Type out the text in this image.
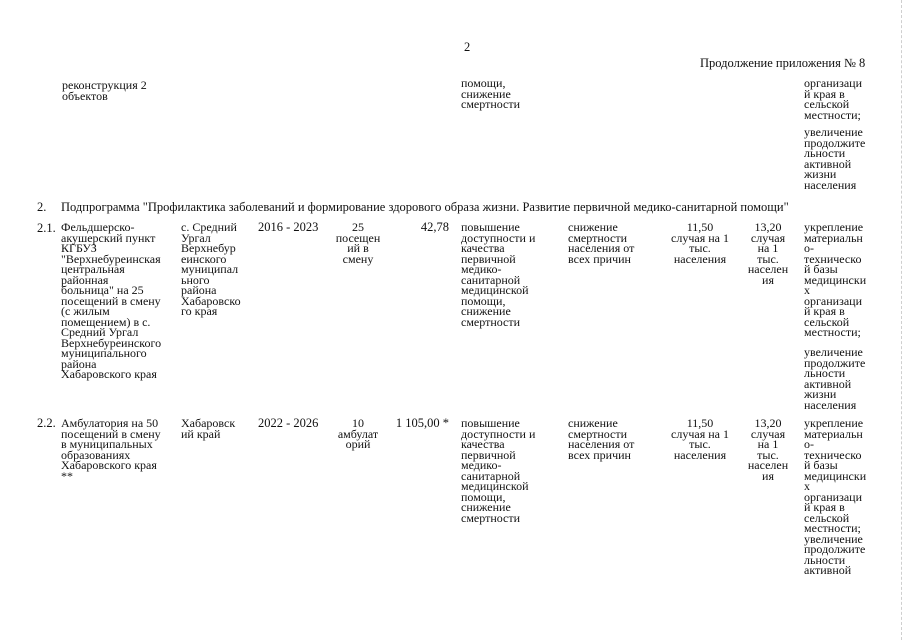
2
Продолжение приложения № 8
реконструкция 2
объектов
помощи,
снижение
смертности
организаци
й края в
сельской
местности;
увеличение
продолжите
льности
активной
жизни
населения
2. Подпрограмма "Профилактика заболеваний и формирование здорового образа жизни. Развитие первичной медико-санитарной помощи"
2.1. Фельдшерско-
акушерский пункт
КГБУЗ
"Верхнебуреинская
центральная
районная
больница" на 25
посещений в смену
(с жилым
помещением) в с.
Средний Ургал
Верхнебуреинского
муниципального
района
Хабаровского края
с. Средний
Ургал
Верхнебур
еинского
муниципал
ьного
района
Хабаровско
го края
2016 - 2023	25
посещен
ий в
смену
42,78 повышение
доступности и
качества
первичной
медико-
санитарной
медицинской
помощи,
снижение
смертности
снижение
смертности
населения от
всех причин
11,50
случая на 1
тыс.
населения
13,20
случая
на 1
тыс.
населен
ия
укрепление
материальн
о-
техническо
й базы
медицински
х
организаци
й края в
сельской
местности;
увеличение
продолжите
льности
активной
жизни
населения
2.2. Амбулатория на 50
посещений в смену
в муниципальных
образованиях
Хабаровского края
**
Хабаровск
ий край
2022 - 2026	10
амбулат
орий
1 105,00 * повышение
доступности и
качества
первичной
медико-
санитарной
медицинской
помощи,
снижение
смертности
снижение
смертности
населения от
всех причин
11,50
случая на 1
тыс.
населения
13,20
случая
на 1
тыс.
населен
ия
укрепление
материальн
о-
техническо
й базы
медицински
х
организаци
й края в
сельской
местности;
увеличение
продолжите
льности
активной
